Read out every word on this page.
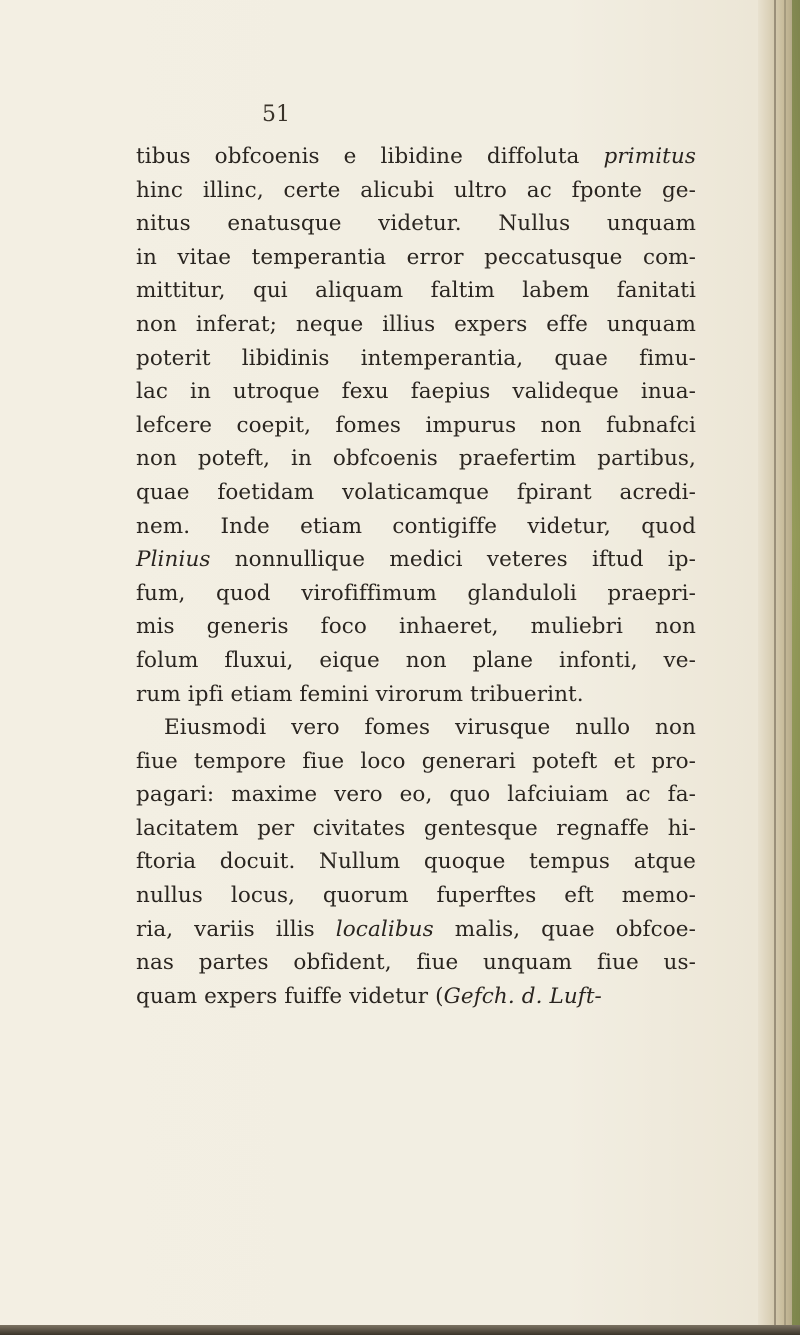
51
tibus obfcoenis e libidine diffoluta primitus
hinc illinc, certe alicubi ultro ac fponte ge-
nitus enatusque videtur. Nullus unquam
in vitae temperantia error peccatusque com-
mittitur, qui aliquam faltim labem fanitati
non inferat; neque illius expers effe unquam
poterit libidinis intemperantia, quae fimu-
lac in utroque fexu faepius valideque inua-
lefcere coepit, fomes impurus non fubnafci
non poteft, in obfcoenis praefertim partibus,
quae foetidam volaticamque fpirant acredi-
nem. Inde etiam contigiffe videtur, quod
Plinius nonnullique medici veteres iftud ip-
fum, quod virofiffimum glanduloli praepri-
mis generis foco inhaeret, muliebri non
folum fluxui, eique non plane infonti, ve-
rum ipfi etiam femini virorum tribuerint.
Eiusmodi vero fomes virusque nullo non
fiue tempore fiue loco generari poteft et pro-
pagari: maxime vero eo, quo lafciuiam ac fa-
lacitatem per civitates gentesque regnaffe hi-
ftoria docuit. Nullum quoque tempus atque
nullus locus, quorum fuperftes eft memo-
ria, variis illis localibus malis, quae obfcoe-
nas partes obfident, fiue unquam fiue us-
quam expers fuiffe videtur (Gefch. d. Luft-
